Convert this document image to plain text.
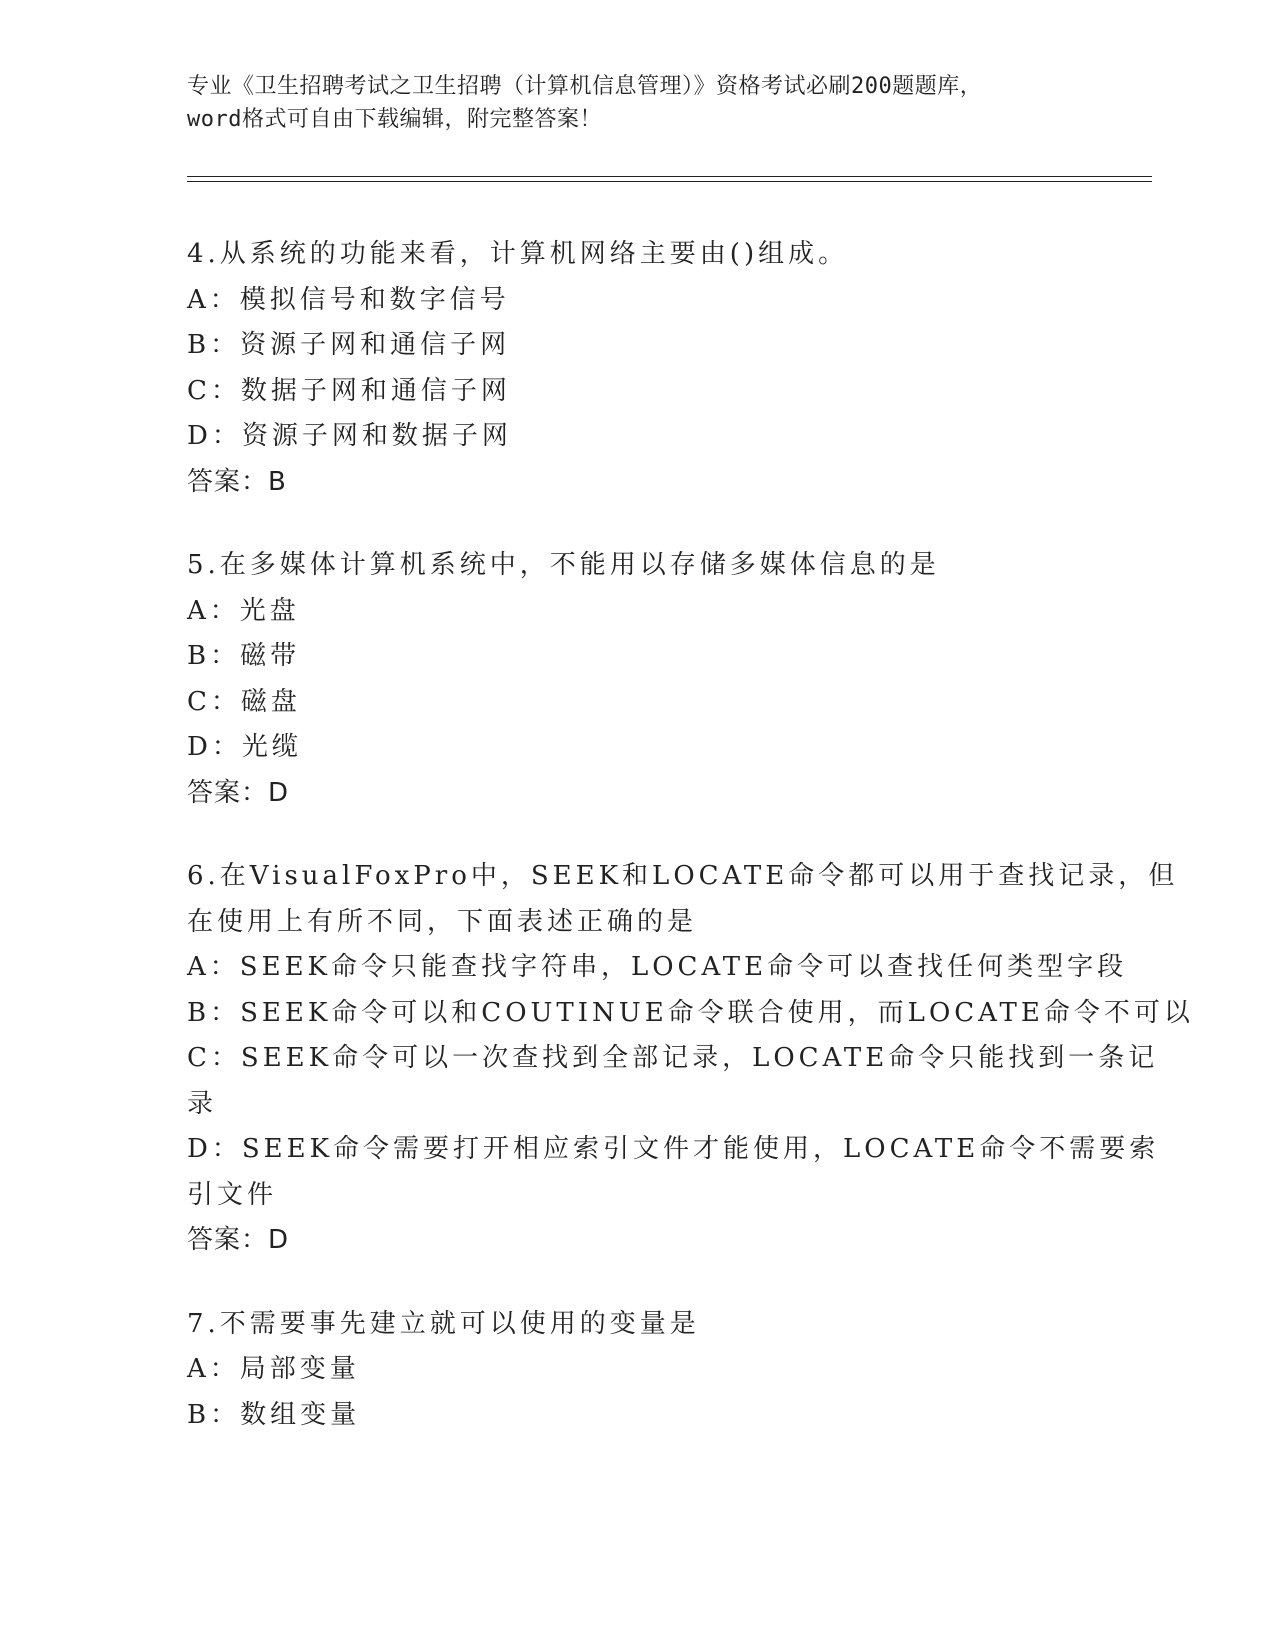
专业《卫生招聘考试之卫生招聘（计算机信息管理）》资格考试必刷200题题库，
word格式可自由下载编辑，附完整答案！
4.从系统的功能来看，计算机网络主要由()组成。
A：模拟信号和数字信号
B：资源子网和通信子网
C：数据子网和通信子网
D：资源子网和数据子网
答案：B
5.在多媒体计算机系统中，不能用以存储多媒体信息的是
A：光盘
B：磁带
C：磁盘
D：光缆
答案：D
6.在VisualFoxPro中，SEEK和LOCATE命令都可以用于查找记录，但
在使用上有所不同，下面表述正确的是
A：SEEK命令只能查找字符串，LOCATE命令可以查找任何类型字段
B：SEEK命令可以和COUTINUE命令联合使用，而LOCATE命令不可以
C：SEEK命令可以一次查找到全部记录，LOCATE命令只能找到一条记
录
D：SEEK命令需要打开相应索引文件才能使用，LOCATE命令不需要索
引文件
答案：D
7.不需要事先建立就可以使用的变量是
A：局部变量
B：数组变量
